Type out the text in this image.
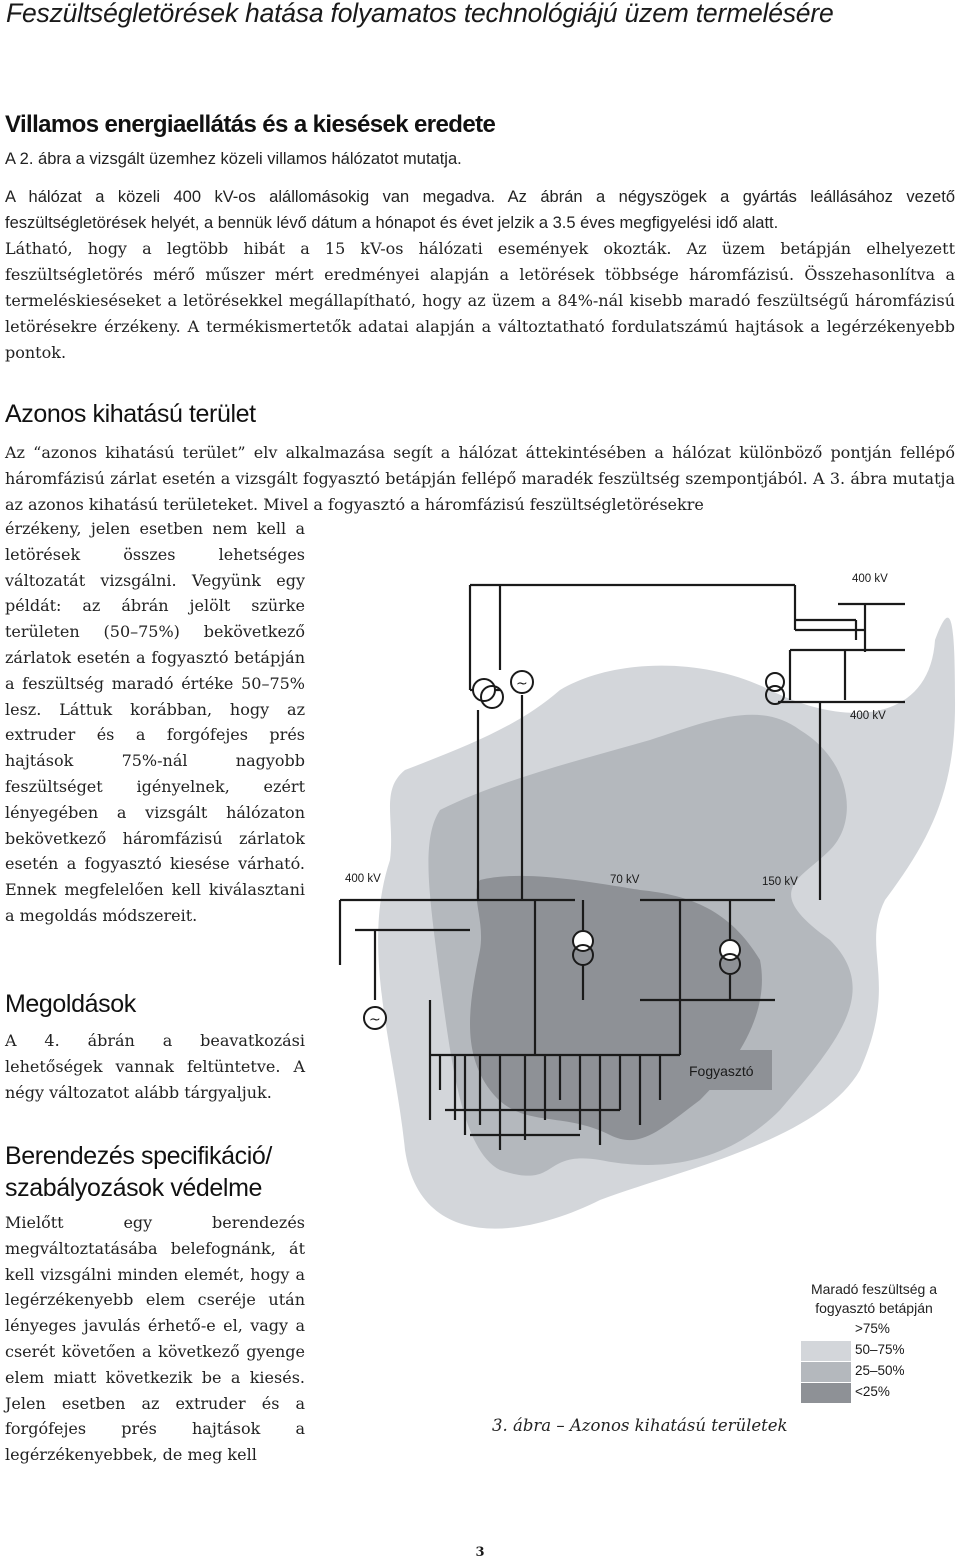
Feszültségletörések hatása folyamatos technológiájú üzem termelésére
Villamos energiaellátás és a kiesések eredete

A 2. ábra a vizsgált üzemhez közeli villamos hálózatot mutatja.

A hálózat a közeli 400 kV-os alállomásokig van megadva. Az ábrán a négyszögek a gyártás leállásához vezető feszültségletörések helyét, a bennük lévő dátum a hónapot és évet jelzik a 3.5 éves megfigyelési idő alatt.

Látható, hogy a legtöbb hibát a 15 kV-os hálózati események okozták. Az üzem betápján elhelyezett feszültségletörés mérő műszer mért eredményei alapján a letörések többsége háromfázisú. Összehasonlítva a termeléskieséseket a letörésekkel megállapítható, hogy az üzem a 84%-nál kisebb maradó feszültségű háromfázisú letörésekre érzékeny. A termékismertetők adatai alapján a változtatható fordulatszámú hajtások a legérzékenyebb pontok.

Azonos kihatású terület

Az “azonos kihatású terület” elv alkalmazása segít a hálózat áttekintésében a hálózat különböző pontján fellépő háromfázisú zárlat esetén a vizsgált fogyasztó betápján fellépő maradék feszültség szempontjából. A 3. ábra mutatja az azonos kihatású területeket. Mivel a fogyasztó a háromfázisú feszültségletörésekre

érzékeny, jelen esetben nem kell a letörések összes lehetséges változatát vizsgálni. Vegyünk egy példát: az ábrán jelölt szürke területen (50–75%) bekövetkező zárlatok esetén a fogyasztó betápján a feszültség maradó értéke 50–75% lesz. Láttuk korábban, hogy az extruder és a forgófejes prés hajtások 75%-nál nagyobb feszültséget igényelnek, ezért lényegében a vizsgált hálózaton bekövetkező háromfázisú zárlatok esetén a fogyasztó kiesése várható. Ennek megfelelően kell kiválasztani a megoldás módszereit.

Megoldások

A 4. ábrán a beavatkozási lehetőségek vannak feltüntetve. A négy változatot alább tárgyaljuk.

Berendezés specifikáció/
szabályozások védelme

Mielőtt egy berendezés megváltoztatásába belefognánk, át kell vizsgálni minden elemét, hogy a legérzékenyebb elem cseréje után lényeges javulás érhető-e el, vagy a cserét követően a következő gyenge elem miatt következik be a kiesés. Jelen esetben az extruder és a forgófejes prés hajtások a legérzékenyebbek, de meg kell

~
~
400 kV
400 kV
400 kV	70 kV	150 kV
Fogyasztó
Maradó feszültség a
fogyasztó betápján
>75%
50–75%
25–50%
<25%
3. ábra – Azonos kihatású területek
3
